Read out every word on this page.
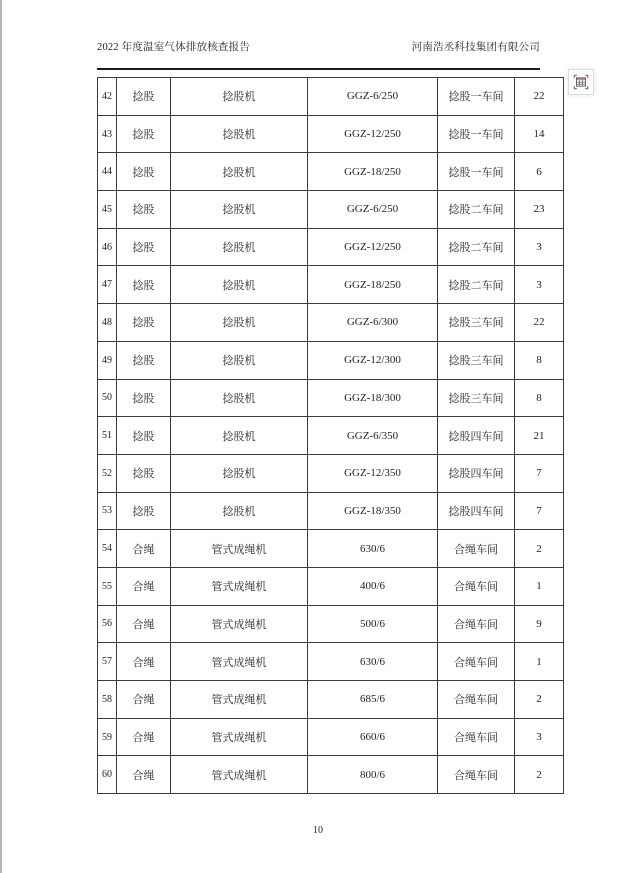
2022 年度温室气体排放核查报告	河南浩丞科技集团有限公司
42	捻股	捻股机	GGZ-6/250	捻股一车间	22
43	捻股	捻股机	GGZ-12/250	捻股一车间	14
44	捻股	捻股机	GGZ-18/250	捻股一车间	6
45	捻股	捻股机	GGZ-6/250	捻股二车间	23
46	捻股	捻股机	GGZ-12/250	捻股二车间	3
47	捻股	捻股机	GGZ-18/250	捻股二车间	3
48	捻股	捻股机	GGZ-6/300	捻股三车间	22
49	捻股	捻股机	GGZ-12/300	捻股三车间	8
50	捻股	捻股机	GGZ-18/300	捻股三车间	8
51	捻股	捻股机	GGZ-6/350	捻股四车间	21
52	捻股	捻股机	GGZ-12/350	捻股四车间	7
53	捻股	捻股机	GGZ-18/350	捻股四车间	7
54	合绳	管式成绳机	630/6	合绳车间	2
55	合绳	管式成绳机	400/6	合绳车间	1
56	合绳	管式成绳机	500/6	合绳车间	9
57	合绳	管式成绳机	630/6	合绳车间	1
58	合绳	管式成绳机	685/6	合绳车间	2
59	合绳	管式成绳机	660/6	合绳车间	3
60	合绳	管式成绳机	800/6	合绳车间	2
10
